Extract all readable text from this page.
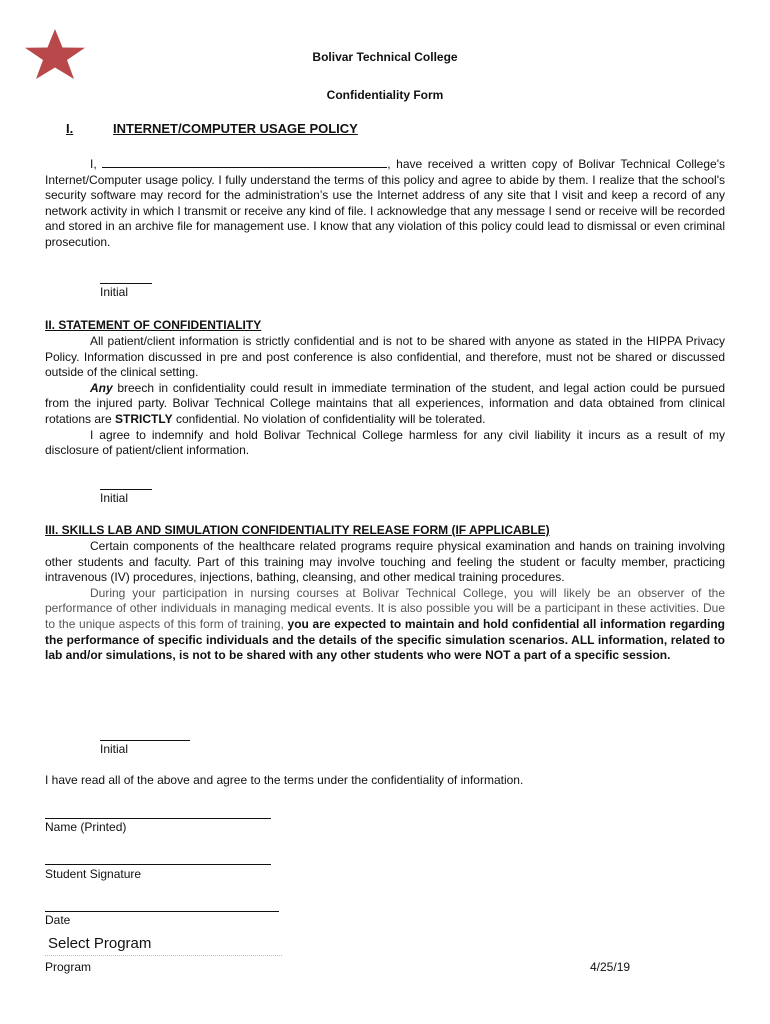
Bolivar Technical College
Confidentiality Form
I.	INTERNET/COMPUTER USAGE POLICY

I,	, have received a written copy of Bolivar Technical College's Internet/Computer usage policy. I fully understand the terms of this policy and agree to abide by them. I realize that the school's security software may record for the administration’s use the Internet address of any site that I visit and keep a record of any network activity in which I transmit or receive any kind of file. I acknowledge that any message I send or receive will be recorded and stored in an archive file for management use. I know that any violation of this policy could lead to dismissal or even criminal prosecution.

Initial
II. STATEMENT OF CONFIDENTIALITY

All patient/client information is strictly confidential and is not to be shared with anyone as stated in the HIPPA Privacy Policy. Information discussed in pre and post conference is also confidential, and therefore, must not be shared or discussed outside of the clinical setting.

Any breech in confidentiality could result in immediate termination of the student, and legal action could be pursued from the injured party. Bolivar Technical College maintains that all experiences, information and data obtained from clinical rotations are STRICTLY confidential. No violation of confidentiality will be tolerated.

I agree to indemnify and hold Bolivar Technical College harmless for any civil liability it incurs as a result of my disclosure of patient/client information.

Initial
III. SKILLS LAB AND SIMULATION CONFIDENTIALITY RELEASE FORM (IF APPLICABLE)

Certain components of the healthcare related programs require physical examination and hands on training involving other students and faculty. Part of this training may involve touching and feeling the student or faculty member, practicing intravenous (IV) procedures, injections, bathing, cleansing, and other medical training procedures.

During your participation in nursing courses at Bolivar Technical College, you will likely be an observer of the performance of other individuals in managing medical events. It is also possible you will be a participant in these activities. Due to the unique aspects of this form of training, you are expected to maintain and hold confidential all information regarding the performance of specific individuals and the details of the specific simulation scenarios. ALL information, related to lab and/or simulations, is not to be shared with any other students who were NOT a part of a specific session.

Initial
I have read all of the above and agree to the terms under the confidentiality of information.
Name (Printed)
Student Signature
Date
Select Program
Program	4/25/19
